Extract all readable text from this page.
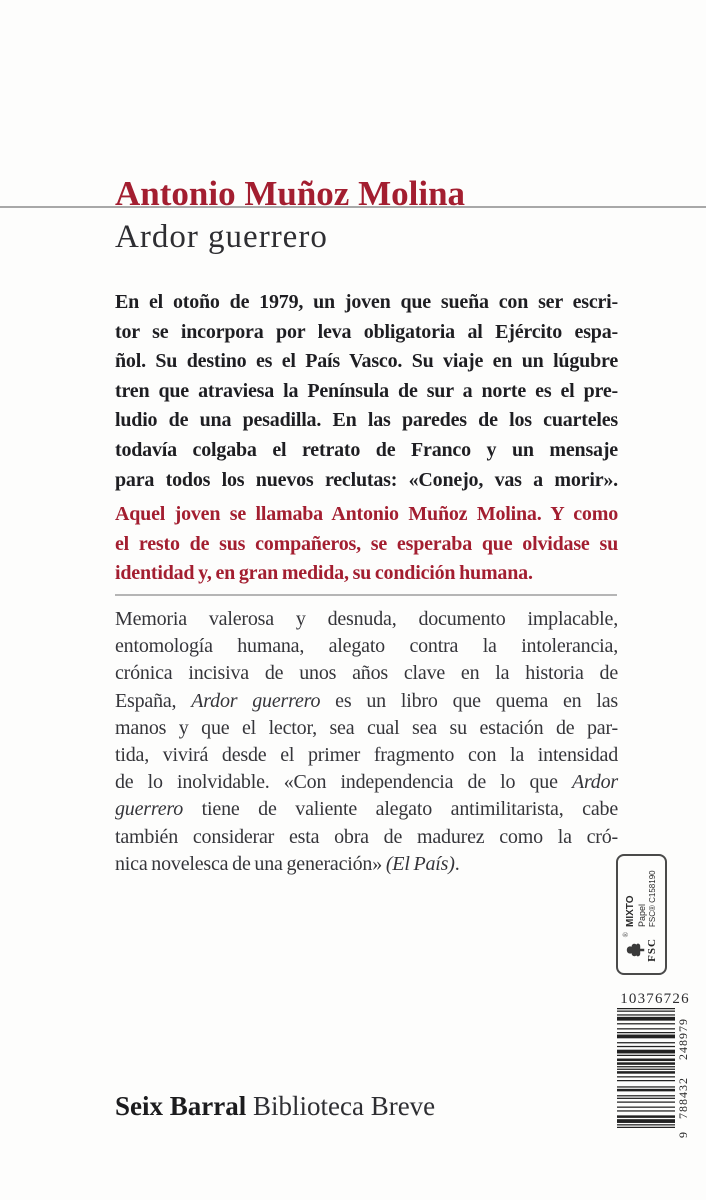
Antonio Muñoz Molina
Ardor guerrero
En el otoño de 1979, un joven que sueña con ser escri-
tor se incorpora por leva obligatoria al Ejército espa-
ñol. Su destino es el País Vasco. Su viaje en un lúgubre
tren que atraviesa la Península de sur a norte es el pre-
ludio de una pesadilla. En las paredes de los cuarteles
todavía colgaba el retrato de Franco y un mensaje
para todos los nuevos reclutas: «Conejo, vas a morir».
Aquel joven se llamaba Antonio Muñoz Molina. Y como
el resto de sus compañeros, se esperaba que olvidase su
identidad y, en gran medida, su condición humana.
Memoria valerosa y desnuda, documento implacable,
entomología humana, alegato contra la intolerancia,
crónica incisiva de unos años clave en la historia de
España, Ardor guerrero es un libro que quema en las
manos y que el lector, sea cual sea su estación de par-
tida, vivirá desde el primer fragmento con la intensidad
de lo inolvidable. «Con independencia de lo que Ardor
guerrero tiene de valiente alegato antimilitarista, cabe
también considerar esta obra de madurez como la cró-
nica novelesca de una generación» (El País).
®
FSC
MIXTO Papel FSC® C158190
10376726
9
788432
248979
Seix Barral Biblioteca Breve
